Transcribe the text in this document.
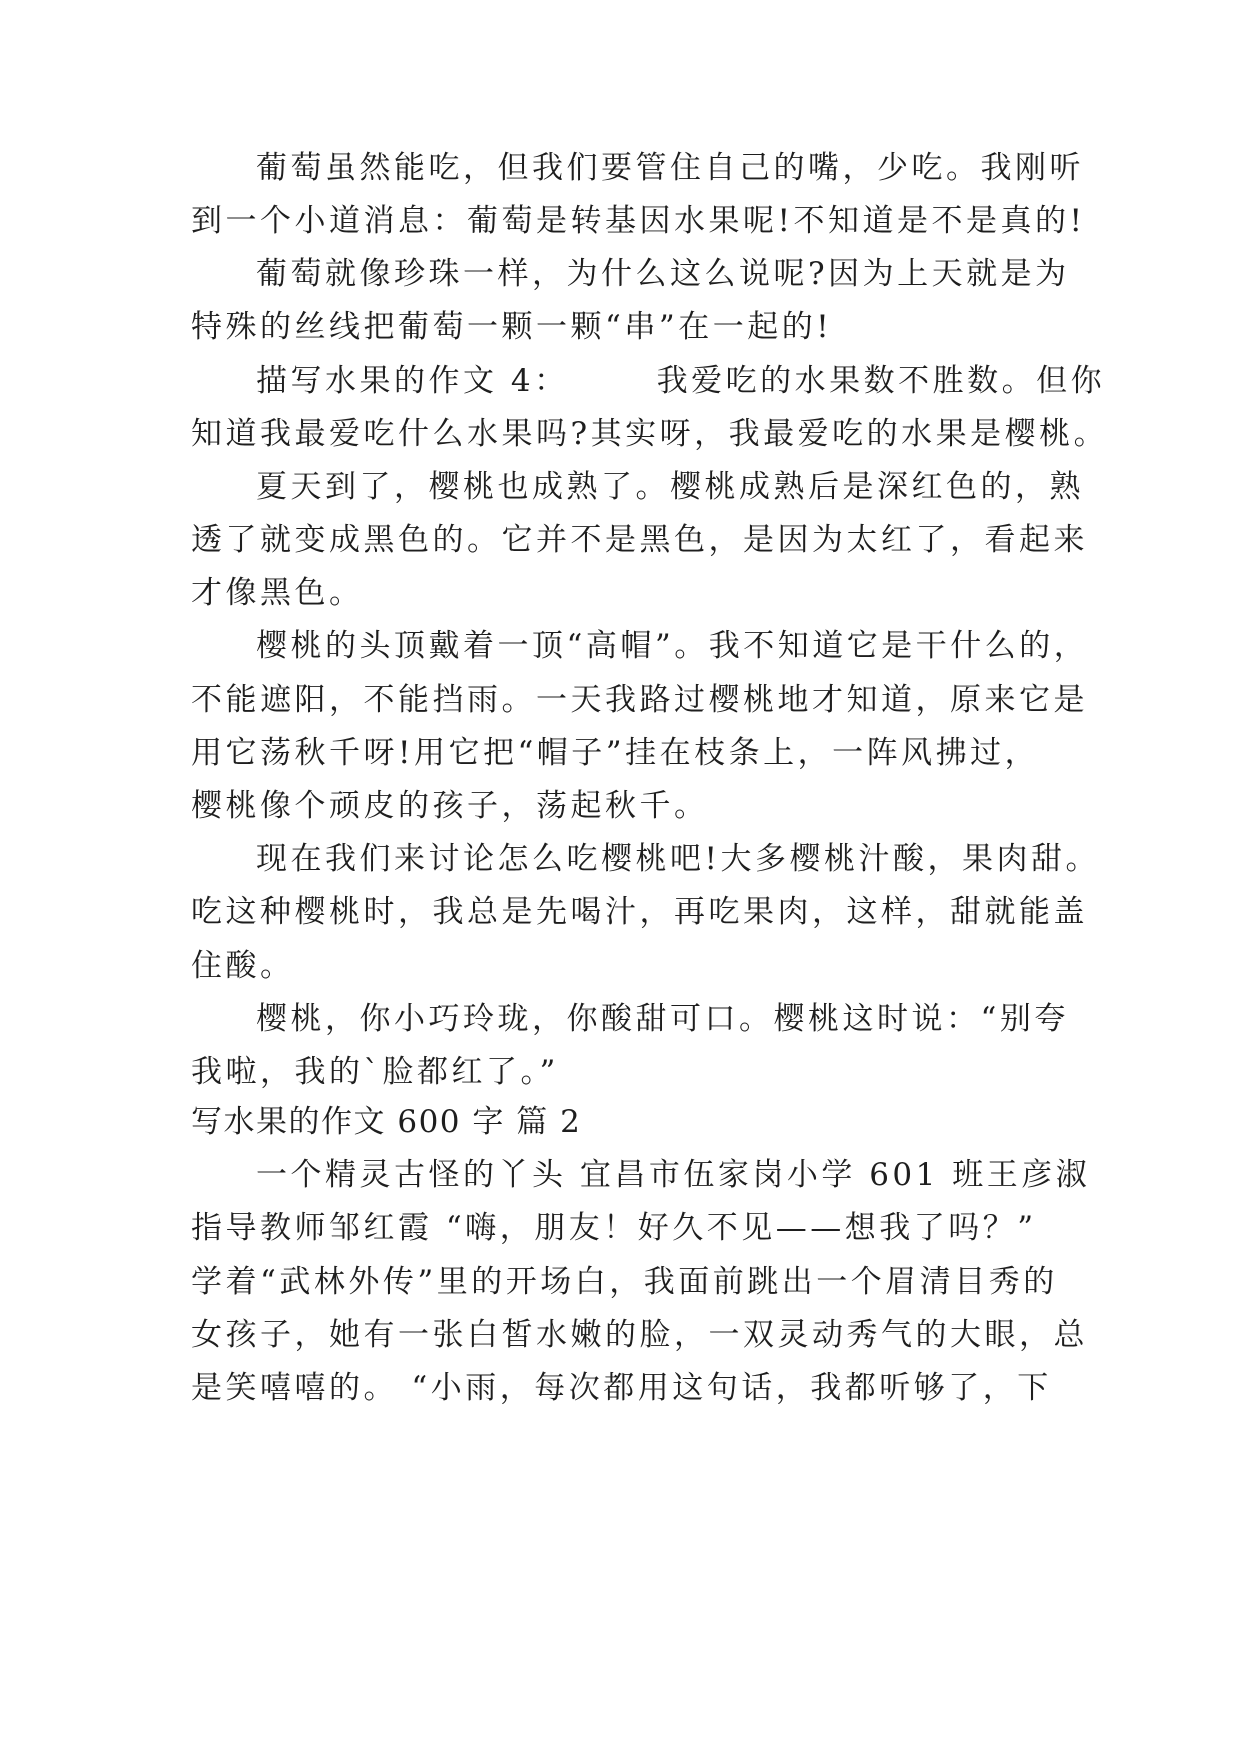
葡萄虽然能吃，但我们要管住自己的嘴，少吃。我刚听

到一个小道消息：葡萄是转基因水果呢!不知道是不是真的!

葡萄就像珍珠一样，为什么这么说呢?因为上天就是为

特殊的丝线把葡萄一颗一颗“串”在一起的!

描写水果的作文 4：　　　我爱吃的水果数不胜数。但你

知道我最爱吃什么水果吗?其实呀，我最爱吃的水果是樱桃。

夏天到了，樱桃也成熟了。樱桃成熟后是深红色的，熟

透了就变成黑色的。它并不是黑色，是因为太红了，看起来

才像黑色。

樱桃的头顶戴着一顶“高帽”。我不知道它是干什么的，

不能遮阳，不能挡雨。一天我路过樱桃地才知道，原来它是

用它荡秋千呀!用它把“帽子”挂在枝条上，一阵风拂过，

樱桃像个顽皮的孩子，荡起秋千。

现在我们来讨论怎么吃樱桃吧!大多樱桃汁酸，果肉甜。

吃这种樱桃时，我总是先喝汁，再吃果肉，这样，甜就能盖

住酸。

樱桃，你小巧玲珑，你酸甜可口。樱桃这时说：“别夸

我啦，我的`脸都红了。”

写水果的作文 600 字 篇 2

一个精灵古怪的丫头 宜昌市伍家岗小学 601 班王彦淑

指导教师邹红霞 “嗨，朋友！好久不见——想我了吗？”

学着“武林外传”里的开场白，我面前跳出一个眉清目秀的

女孩子，她有一张白皙水嫩的脸，一双灵动秀气的大眼，总

是笑嘻嘻的。 “小雨，每次都用这句话，我都听够了，下
